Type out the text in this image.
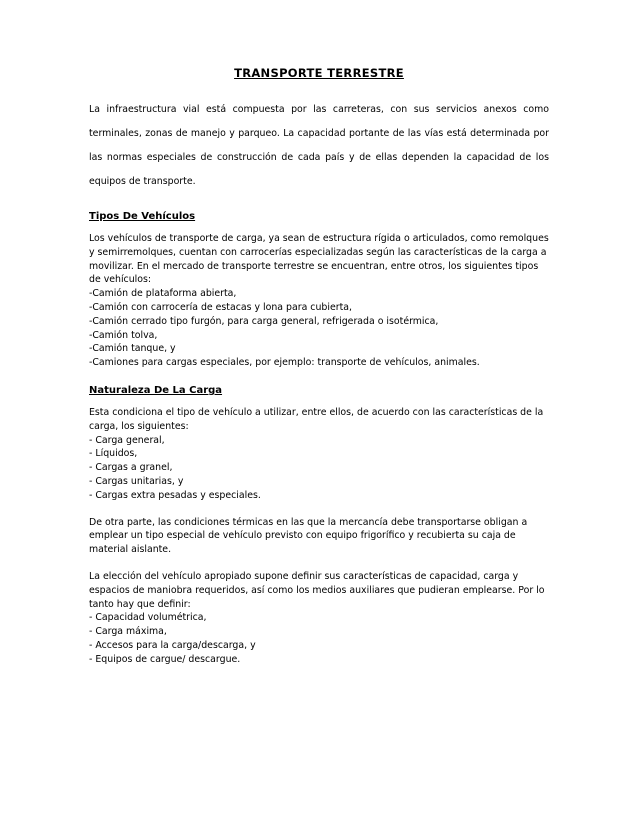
TRANSPORTE TERRESTRE

La infraestructura vial está compuesta por las carreteras, con sus servicios anexos como terminales, zonas de manejo y parqueo. La capacidad portante de las vías está determinada por las normas especiales de construcción de cada país y de ellas dependen la capacidad de los equipos de transporte.

Tipos De Vehículos

Los vehículos de transporte de carga, ya sean de estructura rígida o articulados, como remolques y semirremolques, cuentan con carrocerías especializadas según las características de la carga a movilizar. En el mercado de transporte terrestre se encuentran, entre otros, los siguientes tipos de vehículos:

-Camión de plataforma abierta,
-Camión con carrocería de estacas y lona para cubierta,
-Camión cerrado tipo furgón, para carga general, refrigerada o isotérmica,
-Camión tolva,
-Camión tanque, y
-Camiones para cargas especiales, por ejemplo: transporte de vehículos, animales.
Naturaleza De La Carga

Esta condiciona el tipo de vehículo a utilizar, entre ellos, de acuerdo con las características de la carga, los siguientes:

- Carga general,
- Líquidos,
- Cargas a granel,
- Cargas unitarias, y
- Cargas extra pesadas y especiales.

De otra parte, las condiciones térmicas en las que la mercancía debe transportarse obligan a emplear un tipo especial de vehículo previsto con equipo frigorífico y recubierta su caja de material aislante.

La elección del vehículo apropiado supone definir sus características de capacidad, carga y espacios de maniobra requeridos, así como los medios auxiliares que pudieran emplearse. Por lo tanto hay que definir:

- Capacidad volumétrica,
- Carga máxima,
- Accesos para la carga/descarga, y
- Equipos de cargue/ descargue.
